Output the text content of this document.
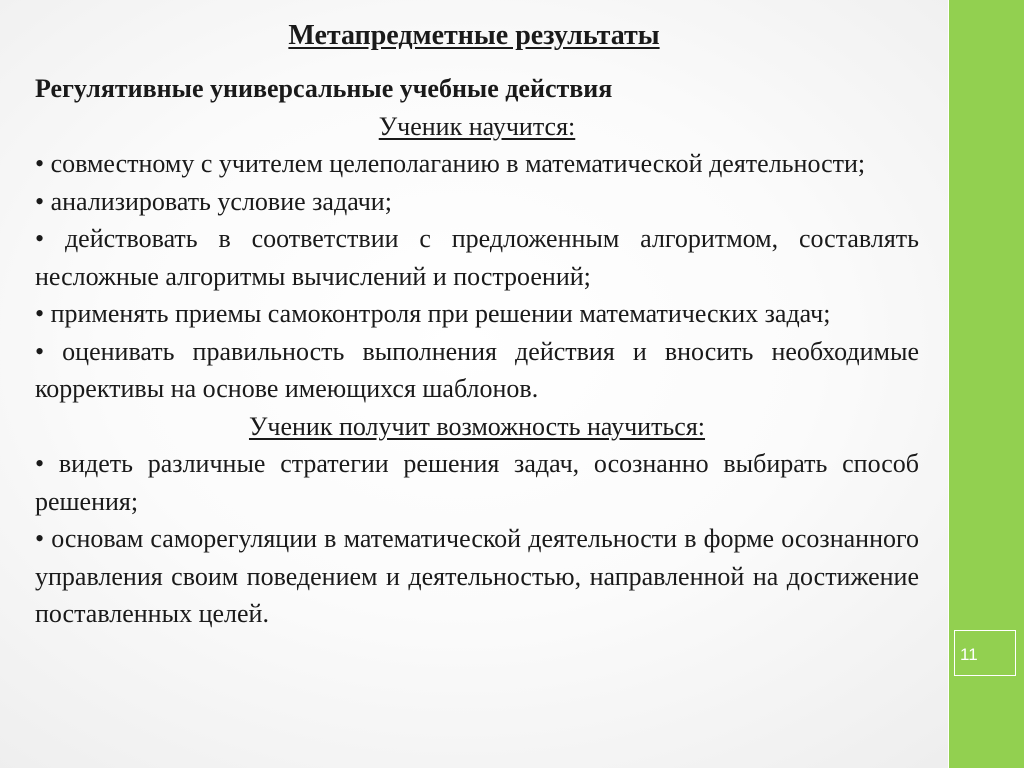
Метапредметные результаты
Регулятивные универсальные учебные действия
Ученик научится:
• совместному с учителем целеполаганию в математической деятельности;
• анализировать условие задачи;
• действовать в соответствии с предложенным алгоритмом, составлять несложные алгоритмы вычислений и построений;
• применять приемы самоконтроля при решении математических задач;
• оценивать правильность выполнения действия и вносить необходимые коррективы на основе имеющихся шаблонов.
Ученик получит возможность научиться:
• видеть различные стратегии решения задач, осознанно выбирать способ решения;
• основам саморегуляции в математической деятельности в форме осознанного управления своим поведением и деятельностью, направленной на достижение поставленных целей.
11
